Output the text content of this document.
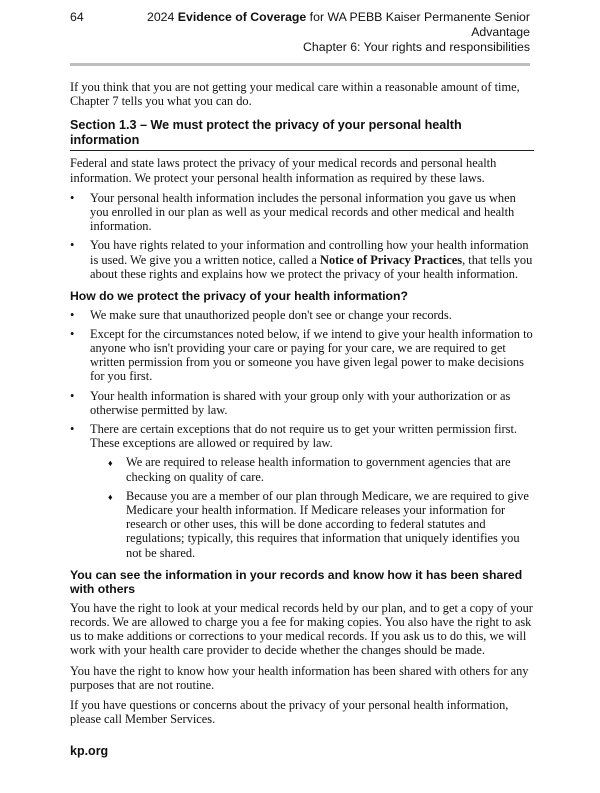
64	2024 Evidence of Coverage for WA PEBB Kaiser Permanente Senior Advantage
Chapter 6: Your rights and responsibilities

If you think that you are not getting your medical care within a reasonable amount of time, Chapter 7 tells you what you can do.

Section 1.3 – We must protect the privacy of your personal health information

Federal and state laws protect the privacy of your medical records and personal health information. We protect your personal health information as required by these laws.

• Your personal health information includes the personal information you gave us when you enrolled in our plan as well as your medical records and other medical and health information.
• You have rights related to your information and controlling how your health information is used. We give you a written notice, called a Notice of Privacy Practices, that tells you about these rights and explains how we protect the privacy of your health information.
How do we protect the privacy of your health information?
• We make sure that unauthorized people don't see or change your records.
• Except for the circumstances noted below, if we intend to give your health information to anyone who isn't providing your care or paying for your care, we are required to get written permission from you or someone you have given legal power to make decisions for you first.
• Your health information is shared with your group only with your authorization or as otherwise permitted by law.
• There are certain exceptions that do not require us to get your written permission first. These exceptions are allowed or required by law.
♦ We are required to release health information to government agencies that are checking on quality of care.
♦ Because you are a member of our plan through Medicare, we are required to give Medicare your health information. If Medicare releases your information for research or other uses, this will be done according to federal statutes and regulations; typically, this requires that information that uniquely identifies you not be shared.
You can see the information in your records and know how it has been shared with others

You have the right to look at your medical records held by our plan, and to get a copy of your records. We are allowed to charge you a fee for making copies. You also have the right to ask us to make additions or corrections to your medical records. If you ask us to do this, we will work with your health care provider to decide whether the changes should be made.

You have the right to know how your health information has been shared with others for any purposes that are not routine.

If you have questions or concerns about the privacy of your personal health information, please call Member Services.

kp.org
